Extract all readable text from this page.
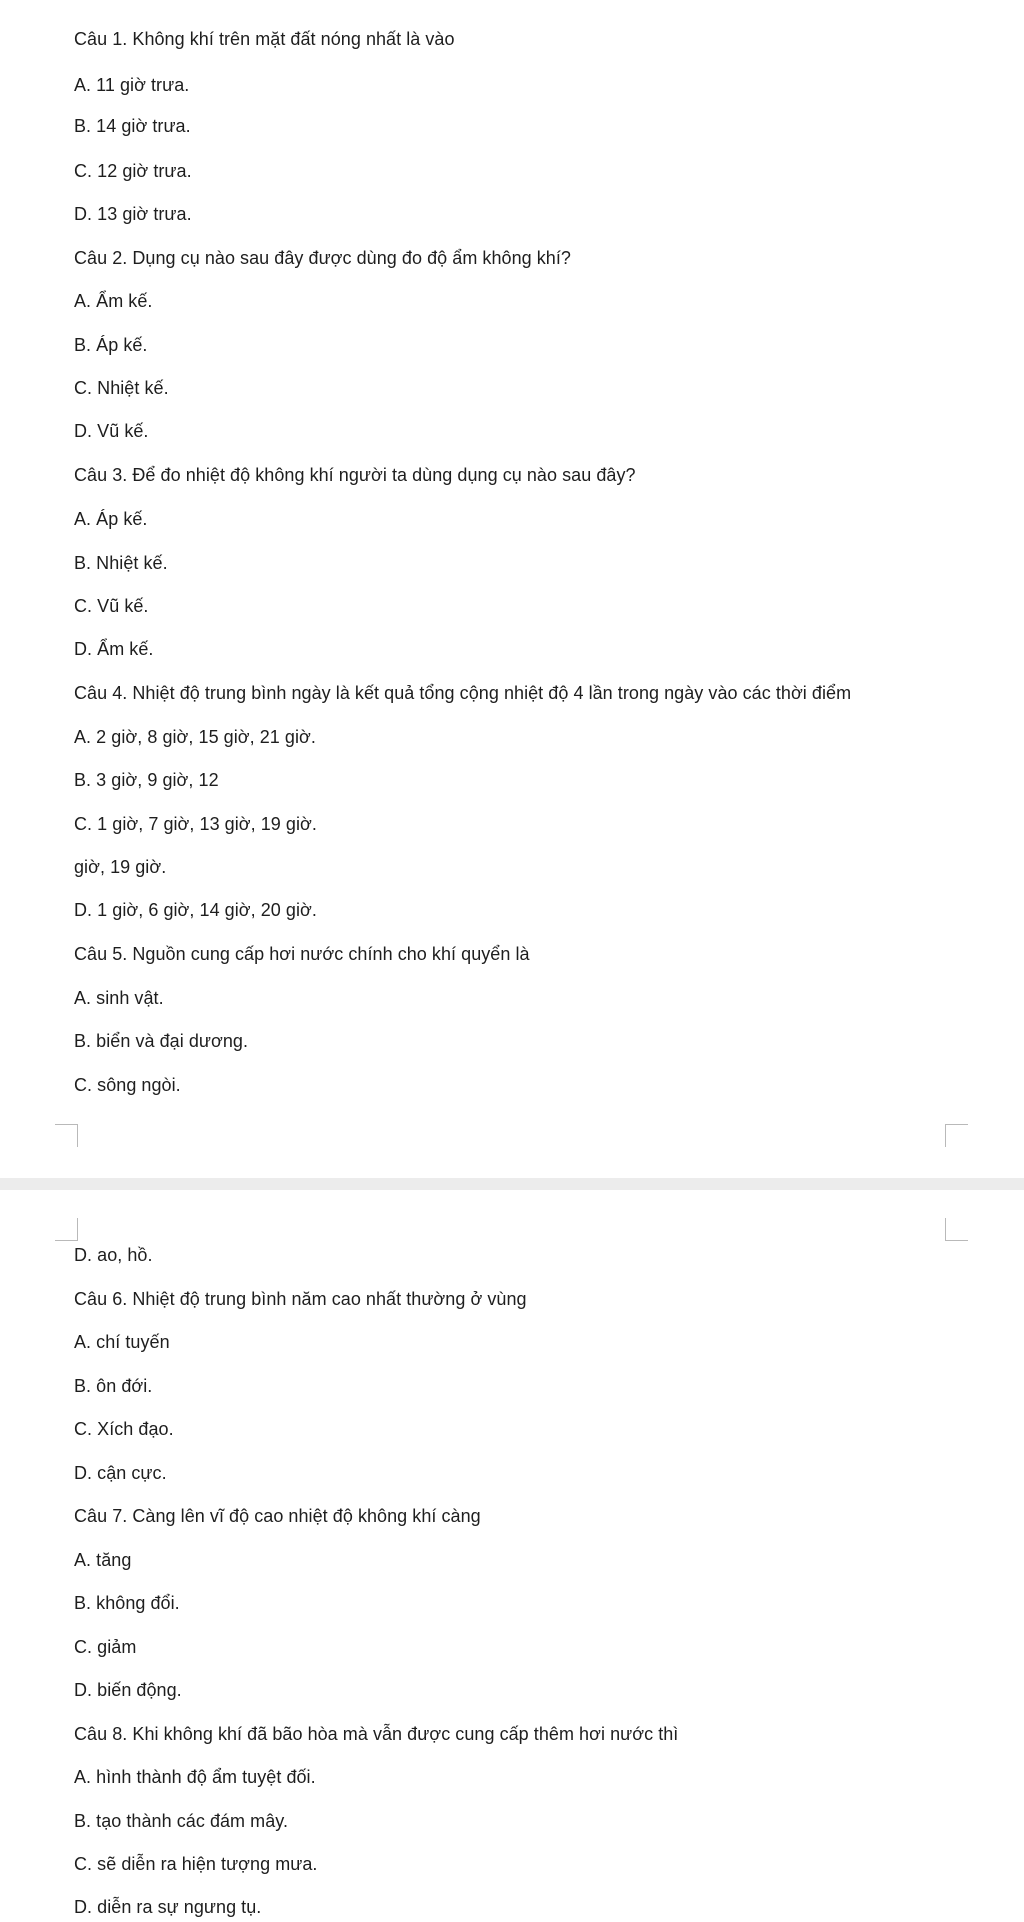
Câu 1. Không khí trên mặt đất nóng nhất là vào
A. 11 giờ trưa.
B. 14 giờ trưa.
C. 12 giờ trưa.
D. 13 giờ trưa.
Câu 2. Dụng cụ nào sau đây được dùng đo độ ẩm không khí?
A. Ẩm kế.
B. Áp kế.
C. Nhiệt kế.
D. Vũ kế.
Câu 3. Để đo nhiệt độ không khí người ta dùng dụng cụ nào sau đây?
A. Áp kế.
B. Nhiệt kế.
C. Vũ kế.
D. Ẩm kế.
Câu 4. Nhiệt độ trung bình ngày là kết quả tổng cộng nhiệt độ 4 lần trong ngày vào các thời điểm
A. 2 giờ, 8 giờ, 15 giờ, 21 giờ.
B. 3 giờ, 9 giờ, 12
C. 1 giờ, 7 giờ, 13 giờ, 19 giờ.
giờ, 19 giờ.
D. 1 giờ, 6 giờ, 14 giờ, 20 giờ.
Câu 5. Nguồn cung cấp hơi nước chính cho khí quyển là
A. sinh vật.
B. biển và đại dương.
C. sông ngòi.
D. ao, hồ.
Câu 6. Nhiệt độ trung bình năm cao nhất thường ở vùng
A. chí tuyến
B. ôn đới.
C. Xích đạo.
D. cận cực.
Câu 7. Càng lên vĩ độ cao nhiệt độ không khí càng
A. tăng
B. không đổi.
C. giảm
D. biến động.
Câu 8. Khi không khí đã bão hòa mà vẫn được cung cấp thêm hơi nước thì
A. hình thành độ ẩm tuyệt đối.
B. tạo thành các đám mây.
C. sẽ diễn ra hiện tượng mưa.
D. diễn ra sự ngưng tụ.
